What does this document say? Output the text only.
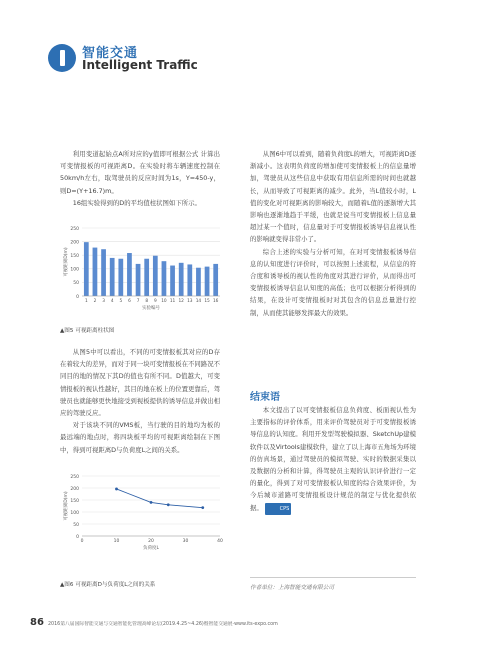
智能交通
Intelligent Traffic

利用变道起始点A所对应的y值即可根据公式 计算出可变情报板的可视距离D。在实验时将车辆速度控制在50km/h左右，取驾驶员的反应时间为1s，Y=450-y，则D=(Y+16.7)m。

16组实验得到的D的平均值柱状图如下所示。

0
50
100
150
200
250
1 2 3 4 5 6 7 8 9 10 11 12 13 14 15 16
实验编号
可视距离D(m)
▲图5 可视距离柱状图

从图5中可以看出，不同的可变情报板其对应的D存在着较大的差异，而对于同一块可变情报板在不同路况不同目的地的情况下其D的值也有所不同。D值越大，可变情报板的视认性越好，其目的地在板上的位置更靠后，驾驶员也就能够更快地接受到视板提供的诱导信息并做出相应的驾驶反应。

对于该块不同的VMS板，当行驶的目的地均为板的最远端的地点时，将四块板平均的可视距离绘制在下图中，得到可视距离D与负荷度L之间的关系。

0
50
100
150
200
250
0	10	20	30	40
负荷度L
可视距离D(m)
▲图6 可视距离D与负荷度L之间的关系

从图6中可以看到，随着负荷度L的增大，可视距离D逐渐减小。这表明负荷度的增加使可变情报板上的信息量增加，驾驶员从这些信息中获取有用信息所需的时间也就越长，从而导致了可视距离的减少。此外，当L值较小时，L值的变化对可视距离的影响较大，而随着L值的逐渐增大其影响也逐渐地趋于平缓，也就是说当可变情报板上信息量超过某一个值时，信息量对于可变情报板诱导信息视认性的影响就变得非常小了。

综合上述的实验与分析可知，在对可变情报板诱导信息的认知度进行评价时，可以按照上述流程，从信息的符合度和诱导板的视认性的角度对其进行评价，从而得出可变情报板诱导信息认知度的高低；也可以根据分析得到的结果，在设计可变情报板时对其包含的信息总量进行控制，从而使其能够发挥最大的效果。

结束语

本文提出了以可变情报板信息负荷度、板面视认性为主要指标的评价体系，用来评价驾驶员对于可变情报板诱导信息的认知度。利用开发型驾驶模拟器、SketchUp建模软件以及Virtools建模软件，建立了以上海市五角场为环境的仿真场景，通过驾驶员的模拟驾驶、实时的数据采集以及数据的分析和计算，得驾驶员主观的认识评价进行一定的量化，得到了对可变情报板认知度的综合效果评价，为今后城市道路可变情报板设计规范的制定与优化提供依据。	CPS

作者单位：上海智能交通有限公司
86 2016第八届国际智能交通与交通智能化管理高峰论坛(2019.4.25~4.26)暨智能交通展·www.its-expo.com
